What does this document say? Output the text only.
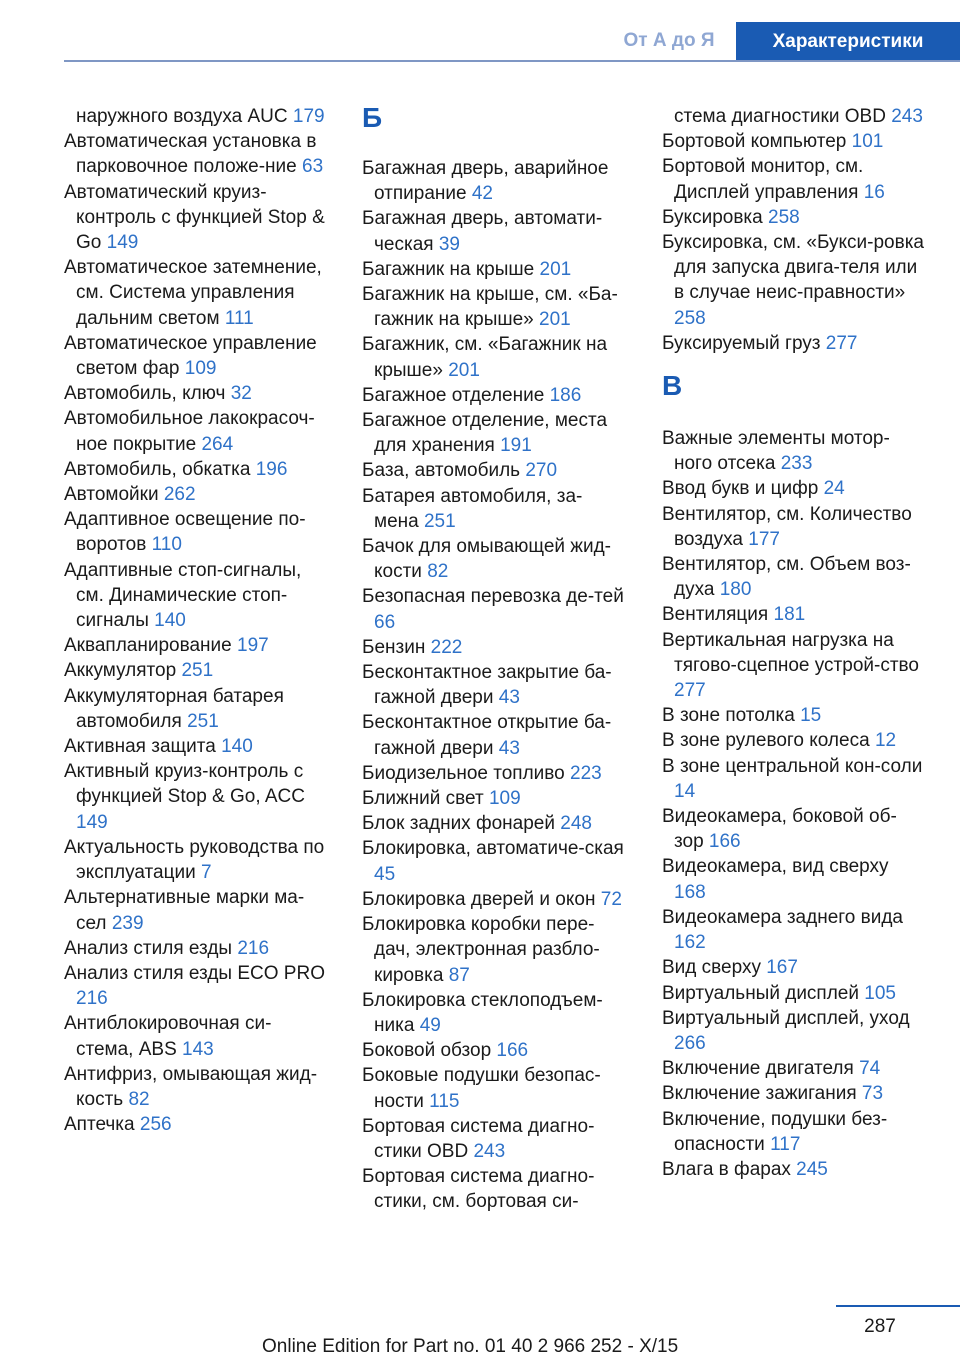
От А до Я	Характеристики

наружного воздуха AUC 179

Автоматическая установка в парковочное положе-ние 63

Автоматический круиз-контроль с функцией Stop & Go 149

Автоматическое затемнение, см. Система управления дальним светом 111

Автоматическое управление светом фар 109

Автомобиль, ключ 32

Автомобильное лакокрасоч-ное покрытие 264

Автомобиль, обкатка 196

Автомойки 262

Адаптивное освещение по-воротов 110

Адаптивные стоп-сигналы, см. Динамические стоп-сигналы 140

Аквапланирование 197

Аккумулятор 251

Аккумуляторная батарея автомобиля 251

Активная защита 140

Активный круиз-контроль с функцией Stop & Go, ACC 149

Актуальность руководства по эксплуатации 7

Альтернативные марки ма-сел 239

Анализ стиля езды 216

Анализ стиля езды ECO PRO 216

Антиблокировочная си-стема, ABS 143

Антифриз, омывающая жид-кость 82

Аптечка 256

Б

Багажная дверь, аварийное отпирание 42

Багажная дверь, автомати-ческая 39

Багажник на крыше 201

Багажник на крыше, см. «Ба-гажник на крыше» 201

Багажник, см. «Багажник на крыше» 201

Багажное отделение 186

Багажное отделение, места для хранения 191

База, автомобиль 270

Батарея автомобиля, за-мена 251

Бачок для омывающей жид-кости 82

Безопасная перевозка де-тей 66

Бензин 222

Бесконтактное закрытие ба-гажной двери 43

Бесконтактное открытие ба-гажной двери 43

Биодизельное топливо 223

Ближний свет 109

Блок задних фонарей 248

Блокировка, автоматиче-ская 45

Блокировка дверей и окон 72

Блокировка коробки пере-дач, электронная разбло-кировка 87

Блокировка стеклоподъем-ника 49

Боковой обзор 166

Боковые подушки безопас-ности 115

Бортовая система диагно-стики OBD 243

Бортовая система диагно-стики, см. бортовая си-

стема диагностики OBD 243

Бортовой компьютер 101

Бортовой монитор, см. Дисплей управления 16

Буксировка 258

Буксировка, см. «Букси-ровка для запуска двига-теля или в случае неис-правности» 258

Буксируемый груз 277

В

Важные элементы мотор-ного отсека 233

Ввод букв и цифр 24

Вентилятор, см. Количество воздуха 177

Вентилятор, см. Объем воз-духа 180

Вентиляция 181

Вертикальная нагрузка на тягово-сцепное устрой-ство 277

В зоне потолка 15

В зоне рулевого колеса 12

В зоне центральной кон-соли 14

Видеокамера, боковой об-зор 166

Видеокамера, вид сверху 168

Видеокамера заднего вида 162

Вид сверху 167

Виртуальный дисплей 105

Виртуальный дисплей, уход 266

Включение двигателя 74

Включение зажигания 73

Включение, подушки без-опасности 117

Влага в фарах 245

287
Online Edition for Part no. 01 40 2 966 252 - X/15
